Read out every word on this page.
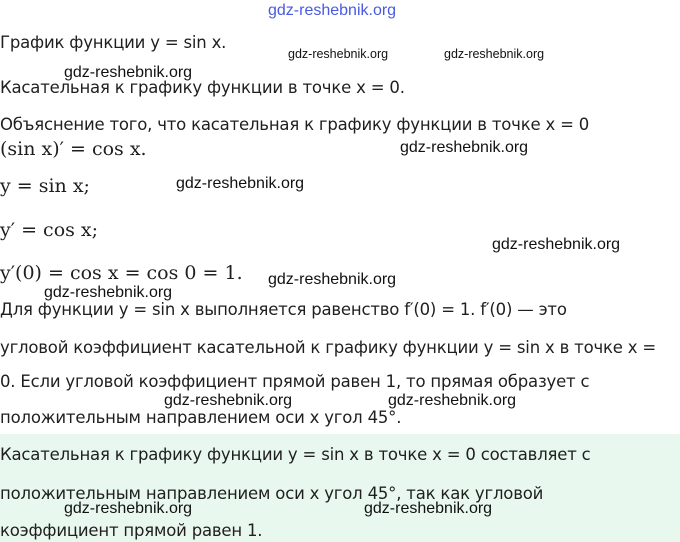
gdz-reshebnik.org
График функции y = sin x.
gdz-reshebnik.org	gdz-reshebnik.org
gdz-reshebnik.org
Касательная к графику функции в точке x = 0.
Объяснение того, что касательная к графику функции в точке x = 0
(sin x)′ = cos x.	gdz-reshebnik.org
y = sin x;	gdz-reshebnik.org
y′ = cos x;
gdz-reshebnik.org
y′(0) = cos x = cos 0 = 1. gdz-reshebnik.org
gdz-reshebnik.org
Для функции y = sin x выполняется равенство f′(0) = 1. f′(0) — это
угловой коэффициент касательной к графику функции y = sin x в точке x =
0. Если угловой коэффициент прямой равен 1, то прямая образует с
gdz-reshebnik.org	gdz-reshebnik.org
положительным направлением оси x угол 45°.
Касательная к графику функции y = sin x в точке x = 0 составляет с
положительным направлением оси x угол 45°, так как угловой
gdz-reshebnik.org	gdz-reshebnik.org
коэффициент прямой равен 1.
